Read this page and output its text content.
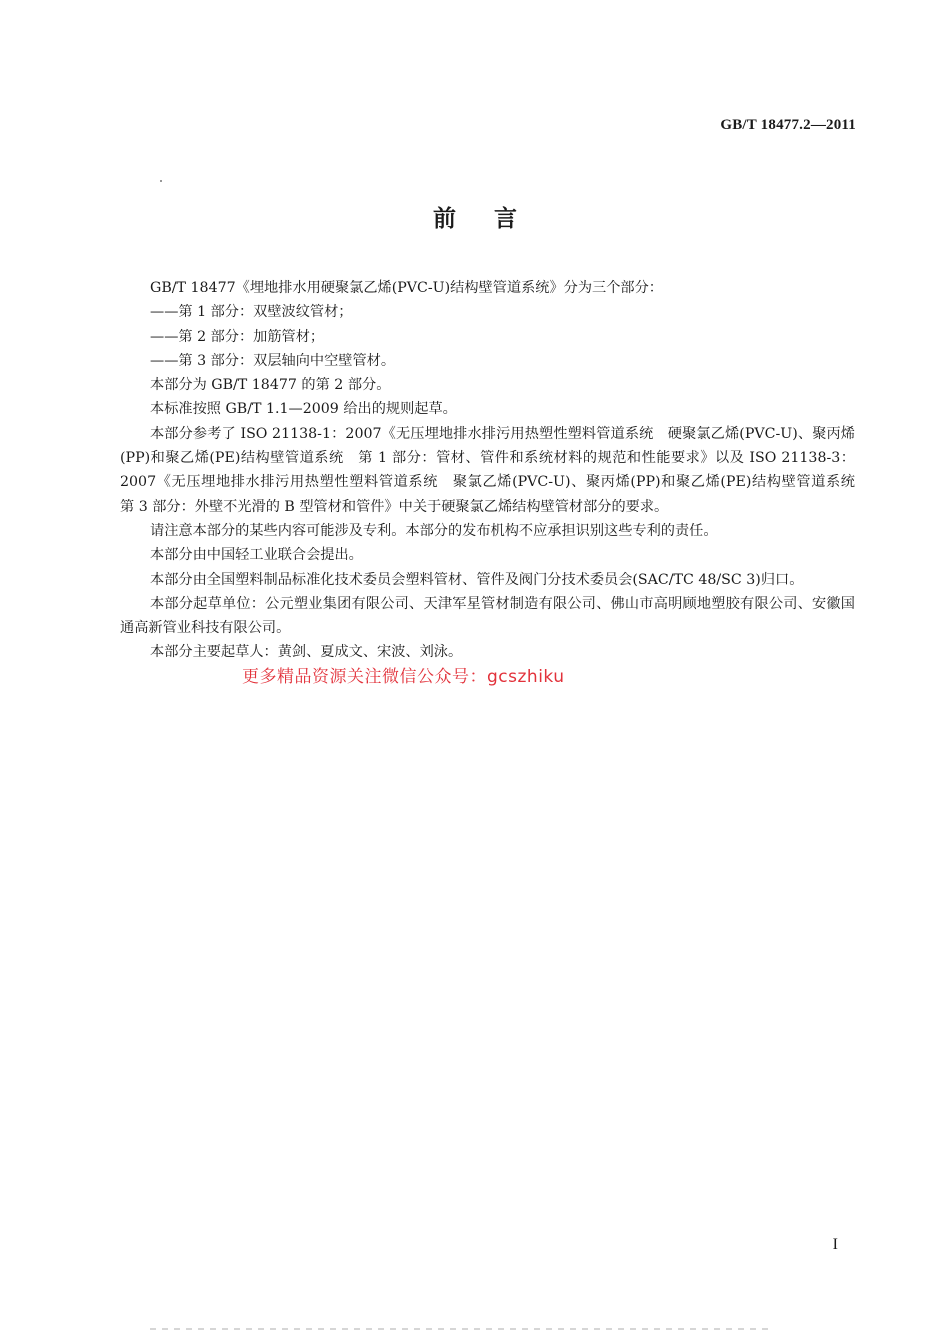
GB/T 18477.2—2011
前言

GB/T 18477《埋地排水用硬聚氯乙烯(PVC-U)结构壁管道系统》分为三个部分：

——第 1 部分：双壁波纹管材；

——第 2 部分：加筋管材；

——第 3 部分：双层轴向中空壁管材。

本部分为 GB/T 18477 的第 2 部分。

本标准按照 GB/T 1.1—2009 给出的规则起草。

本部分参考了 ISO 21138-1：2007《无压埋地排水排污用热塑性塑料管道系统　硬聚氯乙烯(PVC-U)、聚丙烯(PP)和聚乙烯(PE)结构壁管道系统　第 1 部分：管材、管件和系统材料的规范和性能要求》以及 ISO 21138-3：2007《无压埋地排水排污用热塑性塑料管道系统　聚氯乙烯(PVC-U)、聚丙烯(PP)和聚乙烯(PE)结构壁管道系统　第 3 部分：外壁不光滑的 B 型管材和管件》中关于硬聚氯乙烯结构壁管材部分的要求。

请注意本部分的某些内容可能涉及专利。本部分的发布机构不应承担识别这些专利的责任。

本部分由中国轻工业联合会提出。

本部分由全国塑料制品标准化技术委员会塑料管材、管件及阀门分技术委员会(SAC/TC 48/SC 3)归口。

本部分起草单位：公元塑业集团有限公司、天津军星管材制造有限公司、佛山市高明顾地塑胶有限公司、安徽国通高新管业科技有限公司。

本部分主要起草人：黄剑、夏成文、宋波、刘泳。

更多精品资源关注微信公众号：gcszhiku
I
